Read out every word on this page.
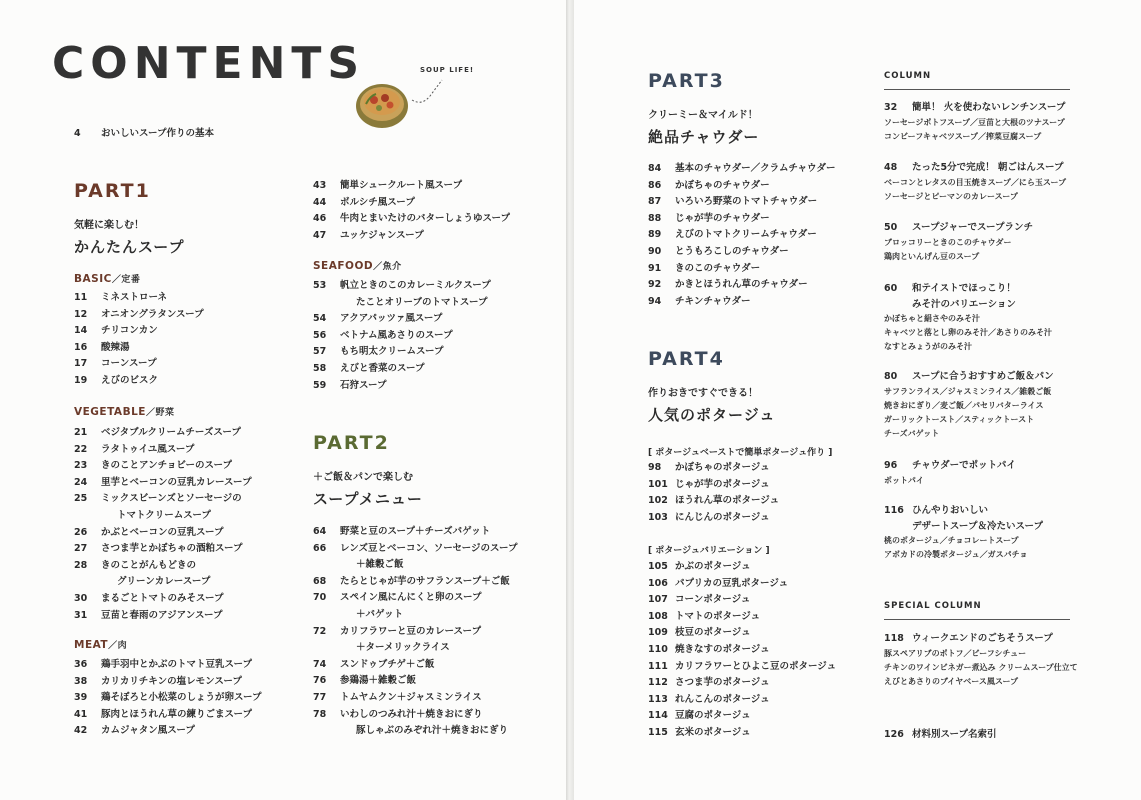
CONTENTS	SOUP LIFE!
4 おいしいスープ作りの基本
PART1
気軽に楽しむ！
かんたんスープ
BASIC／定番
11 ミネストローネ
12 オニオングラタンスープ
14 チリコンカン
16 酸辣湯
17 コーンスープ
19 えびのビスク
VEGETABLE／野菜
21 ベジタブルクリームチーズスープ
22 ラタトゥイユ風スープ
23 きのことアンチョビーのスープ
24 里芋とベーコンの豆乳カレースープ
25 ミックスビーンズとソーセージの
トマトクリームスープ
26 かぶとベーコンの豆乳スープ
27 さつま芋とかぼちゃの酒粕スープ
28 きのことがんもどきの
グリーンカレースープ
30 まるごとトマトのみそスープ
31 豆苗と春雨のアジアンスープ
MEAT／肉
36 鶏手羽中とかぶのトマト豆乳スープ
38 カリカリチキンの塩レモンスープ
39 鶏そぼろと小松菜のしょうが卵スープ
41 豚肉とほうれん草の練りごまスープ
42 カムジャタン風スープ
43 簡単シュークルート風スープ
44 ボルシチ風スープ
46 牛肉とまいたけのバターしょうゆスープ
47 ユッケジャンスープ
SEAFOOD／魚介
53 帆立ときのこのカレーミルクスープ
たことオリーブのトマトスープ
54 アクアパッツァ風スープ
56 ベトナム風あさりのスープ
57 もち明太クリームスープ
58 えびと香菜のスープ
59 石狩スープ
PART2
＋ご飯＆パンで楽しむ
スープメニュー
64 野菜と豆のスープ＋チーズバゲット
66 レンズ豆とベーコン、ソーセージのスープ
＋雑穀ご飯
68 たらとじゃが芋のサフランスープ＋ご飯
70 スペイン風にんにくと卵のスープ
＋バゲット
72 カリフラワーと豆のカレースープ
＋ターメリックライス
74 スンドゥブチゲ＋ご飯
76 参鶏湯＋雑穀ご飯
77 トムヤムクン＋ジャスミンライス
78 いわしのつみれ汁＋焼きおにぎり
豚しゃぶのみぞれ汁＋焼きおにぎり
PART3
クリーミー＆マイルド！
絶品チャウダー
84 基本のチャウダー／クラムチャウダー
86 かぼちゃのチャウダー
87 いろいろ野菜のトマトチャウダー
88 じゃが芋のチャウダー
89 えびのトマトクリームチャウダー
90 とうもろこしのチャウダー
91 きのこのチャウダー
92 かきとほうれん草のチャウダー
94 チキンチャウダー
PART4
作りおきですぐできる！
人気のポタージュ
[ ポタージュベーストで簡単ポタージュ作り ]
98 かぼちゃのポタージュ
101 じゃが芋のポタージュ
102 ほうれん草のポタージュ
103 にんじんのポタージュ
[ ポタージュバリエーション ]
105 かぶのポタージュ
106 パプリカの豆乳ポタージュ
107 コーンポタージュ
108 トマトのポタージュ
109 枝豆のポタージュ
110 焼きなすのポタージュ
111 カリフラワーとひよこ豆のポタージュ
112 さつま芋のポタージュ
113 れんこんのポタージュ
114 豆腐のポタージュ
115 玄米のポタージュ
COLUMN
32 簡単！ 火を使わないレンチンスープ
ソーセージポトフスープ／豆苗と大根のツナスープ
コンビーフキャベツスープ／搾菜豆腐スープ
48 たった5分で完成！ 朝ごはんスープ
ベーコンとレタスの目玉焼きスープ／にら玉スープ
ソーセージとピーマンのカレースープ
50 スープジャーでスープランチ
ブロッコリーときのこのチャウダー
鶏肉といんげん豆のスープ
60 和テイストでほっこり！
みそ汁のバリエーション
かぼちゃと絹さやのみそ汁
キャベツと落とし卵のみそ汁／あさりのみそ汁
なすとみょうがのみそ汁
80 スープに合うおすすめご飯＆パン
サフランライス／ジャスミンライス／雑穀ご飯
焼きおにぎり／麦ご飯／パセリバターライス
ガーリックトースト／スティックトースト
チーズバゲット
96 チャウダーでポットパイ
ポットパイ
116 ひんやりおいしい
デザートスープ＆冷たいスープ
桃のポタージュ／チョコレートスープ
アボカドの冷製ポタージュ／ガスパチョ
SPECIAL COLUMN
118 ウィークエンドのごちそうスープ
豚スペアリブのポトフ／ビーフシチュー
チキンのワインビネガー煮込み クリームスープ仕立て
えびとあさりのブイヤベース風スープ
126 材料別スープ名索引
